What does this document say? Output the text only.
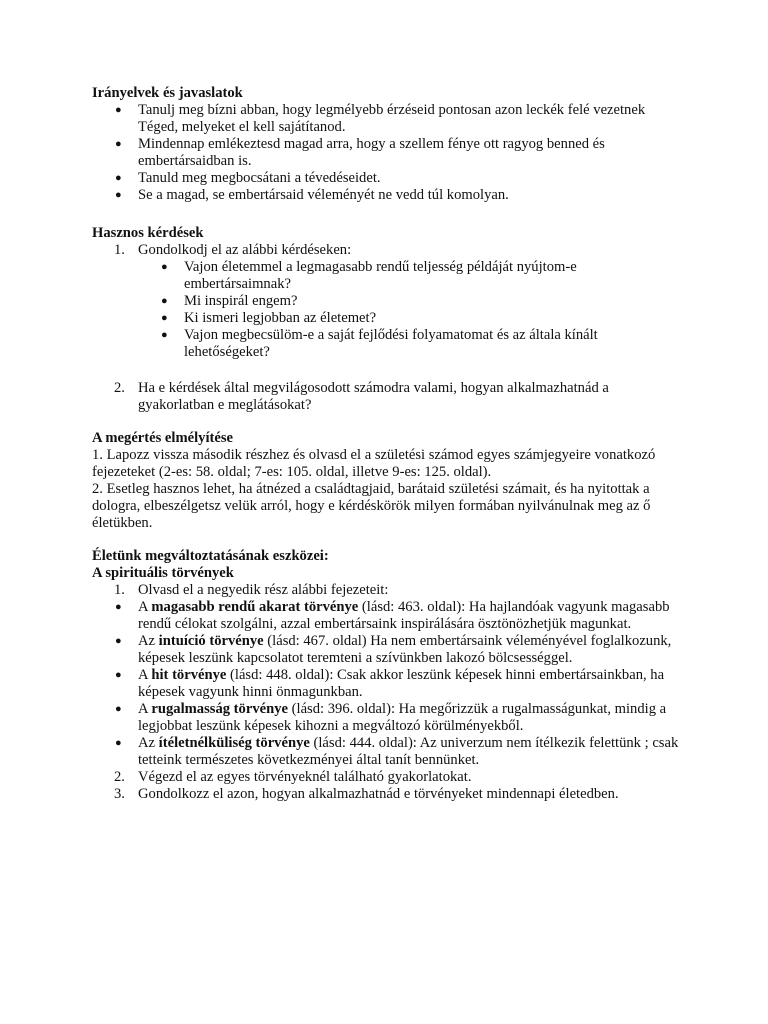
Irányelvek és javaslatok

● Tanulj meg bízni abban, hogy legmélyebb érzéseid pontosan azon leckék felé vezetnek Téged, melyeket el kell sajátítanod.
● Mindennap emlékeztesd magad arra, hogy a szellem fénye ott ragyog benned és embertársaidban is.
● Tanuld meg megbocsátani a tévedéseidet.
● Se a magad, se embertársaid véleményét ne vedd túl komolyan.

Hasznos kérdések

1. Gondolkodj el az alábbi kérdéseken:
● Vajon életemmel a legmagasabb rendű teljesség példáját nyújtom-e embertársaimnak?
● Mi inspirál engem?
● Ki ismeri legjobban az életemet?
● Vajon megbecsülöm-e a saját fejlődési folyamatomat és az általa kínált lehetőségeket?
2. Ha e kérdések által megvilágosodott számodra valami, hogyan alkalmazhatnád a gyakorlatban e meglátásokat?

A megértés elmélyítése

1. Lapozz vissza második részhez és olvasd el a születési számod egyes számjegyeire vonatkozó fejezeteket (2-es: 58. oldal; 7-es: 105. oldal, illetve 9-es: 125. oldal).

2. Esetleg hasznos lehet, ha átnézed a családtagjaid, barátaid születési számait, és ha nyitottak a dologra, elbeszélgetsz velük arról, hogy e kérdéskörök milyen formában nyilvánulnak meg az ő életükben.

Életünk megváltoztatásának eszközei:

A spirituális törvények

1. Olvasd el a negyedik rész alábbi fejezeteit:
● A magasabb rendű akarat törvénye (lásd: 463. oldal): Ha hajlandóak vagyunk magasabb rendű célokat szolgálni, azzal embertársaink inspirálására ösztönözhetjük magunkat.
● Az intuíció törvénye (lásd: 467. oldal) Ha nem embertársaink véleményével foglalkozunk, képesek leszünk kapcsolatot teremteni a szívünkben lakozó bölcsességgel.
● A hit törvénye (lásd: 448. oldal): Csak akkor leszünk képesek hinni embertársainkban, ha képesek vagyunk hinni önmagunkban.
● A rugalmasság törvénye (lásd: 396. oldal): Ha megőrizzük a rugalmasságunkat, mindig a legjobbat leszünk képesek kihozni a megváltozó körülményekből.
● Az ítéletnélküliség törvénye (lásd: 444. oldal): Az univerzum nem ítélkezik felettünk ; csak tetteink természetes következményei által tanít bennünket.
2. Végezd el az egyes törvényeknél található gyakorlatokat.
3. Gondolkozz el azon, hogyan alkalmazhatnád e törvényeket mindennapi életedben.
